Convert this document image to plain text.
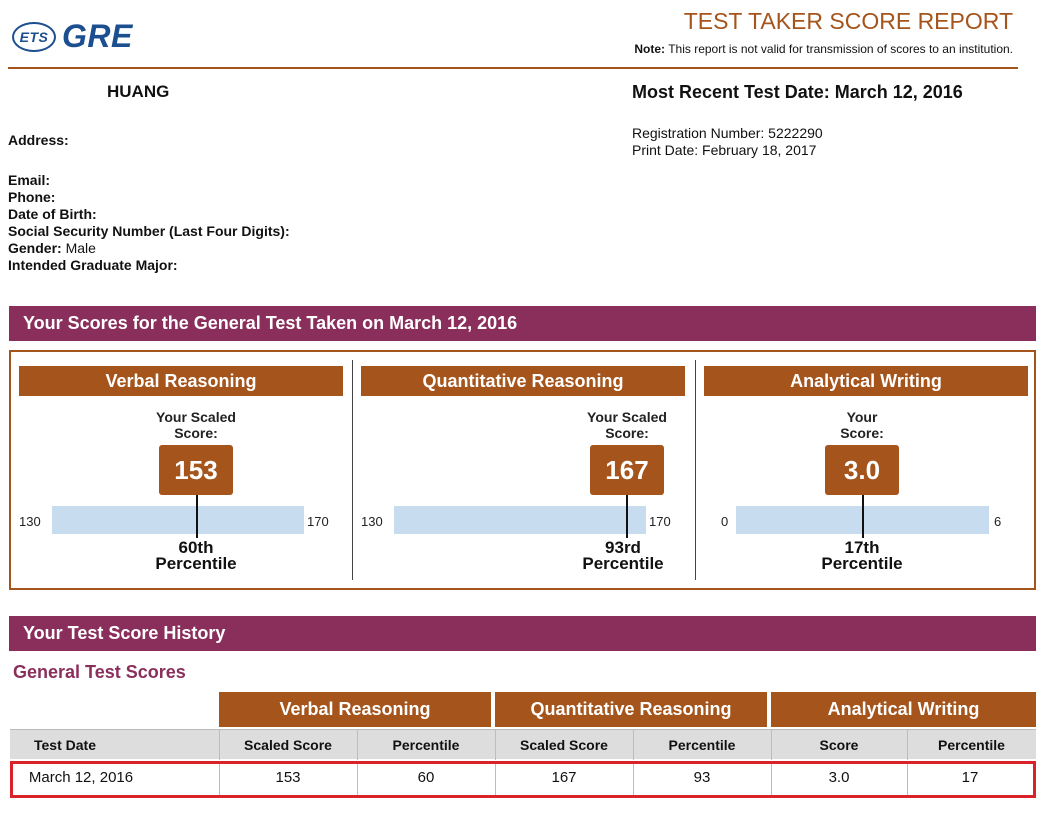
ETS GRE	TEST TAKER SCORE REPORT
Note: This report is not valid for transmission of scores to an institution.
HUANG
Address:
Email:
Phone:
Date of Birth:
Social Security Number (Last Four Digits):
Gender: Male
Intended Graduate Major:
Most Recent Test Date: March 12, 2016
Registration Number: 5222290
Print Date: February 18, 2017
Your Scores for the General Test Taken on March 12, 2016
Verbal Reasoning
Your Scaled
Score:
153
130	170
60th
Percentile
Quantitative Reasoning
Your Scaled
Score:
167
130	170
93rd
Percentile
Analytical Writing
Your
Score:
3.0
0	6
17th
Percentile
Your Test Score History
General Test Scores
Verbal Reasoning	Quantitative Reasoning	Analytical Writing
Test Date	Scaled Score	Percentile	Scaled Score	Percentile	Score	Percentile
March 12, 2016	153	60	167	93	3.0	17
